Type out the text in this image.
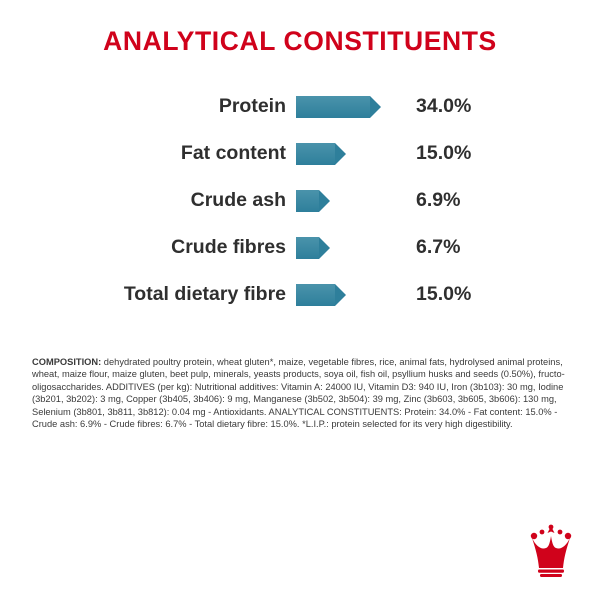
ANALYTICAL CONSTITUENTS
Protein	34.0%
Fat content	15.0%
Crude ash	6.9%
Crude fibres	6.7%
Total dietary fibre	15.0%
COMPOSITION: dehydrated poultry protein, wheat gluten*, maize, vegetable fibres, rice, animal fats, hydrolysed animal proteins, wheat, maize flour, maize gluten, beet pulp, minerals, yeasts products, soya oil, fish oil, psyllium husks and seeds (0.50%), fructo-oligosaccharides. ADDITIVES (per kg): Nutritional additives: Vitamin A: 24000 IU, Vitamin D3: 940 IU, Iron (3b103): 30 mg, Iodine (3b201, 3b202): 3 mg, Copper (3b405, 3b406): 9 mg, Manganese (3b502, 3b504): 39 mg, Zinc (3b603, 3b605, 3b606): 130 mg, Selenium (3b801, 3b811, 3b812): 0.04 mg - Antioxidants. ANALYTICAL CONSTITUENTS: Protein: 34.0% - Fat content: 15.0% - Crude ash: 6.9% - Crude fibres: 6.7% - Total dietary fibre: 15.0%. *L.I.P.: protein selected for its very high digestibility.
